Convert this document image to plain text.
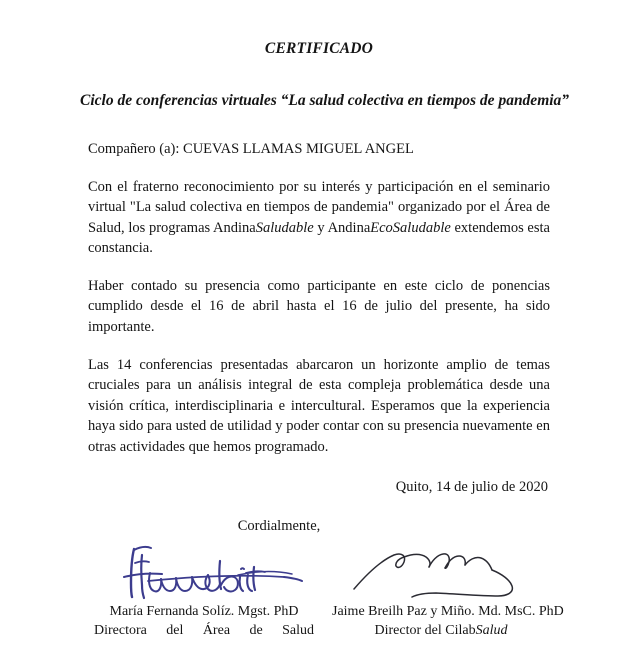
CERTIFICADO
Ciclo de conferencias virtuales “La salud colectiva en tiempos de pandemia”
Compañero (a): CUEVAS LLAMAS MIGUEL ANGEL

Con el fraterno reconocimiento por su interés y participación en el seminario virtual "La salud colectiva en tiempos de pandemia" organizado por el Área de Salud, los programas AndinaSaludable y AndinaEcoSaludable extendemos esta constancia.

Haber contado su presencia como participante en este ciclo de ponencias cumplido desde el 16 de abril hasta el 16 de julio del presente, ha sido importante.

Las 14 conferencias presentadas abarcaron un horizonte amplio de temas cruciales para un análisis integral de esta compleja problemática desde una visión crítica, interdisciplinaria e intercultural. Esperamos que la experiencia haya sido para usted de utilidad y poder contar con su presencia nuevamente en otras actividades que hemos programado.

Quito, 14 de julio de 2020
Cordialmente,
María Fernanda Solíz. Mgst. PhD
Directora del Área de Salud
Jaime Breilh Paz y Miño. Md. MsC. PhD
Director del CilabSalud
